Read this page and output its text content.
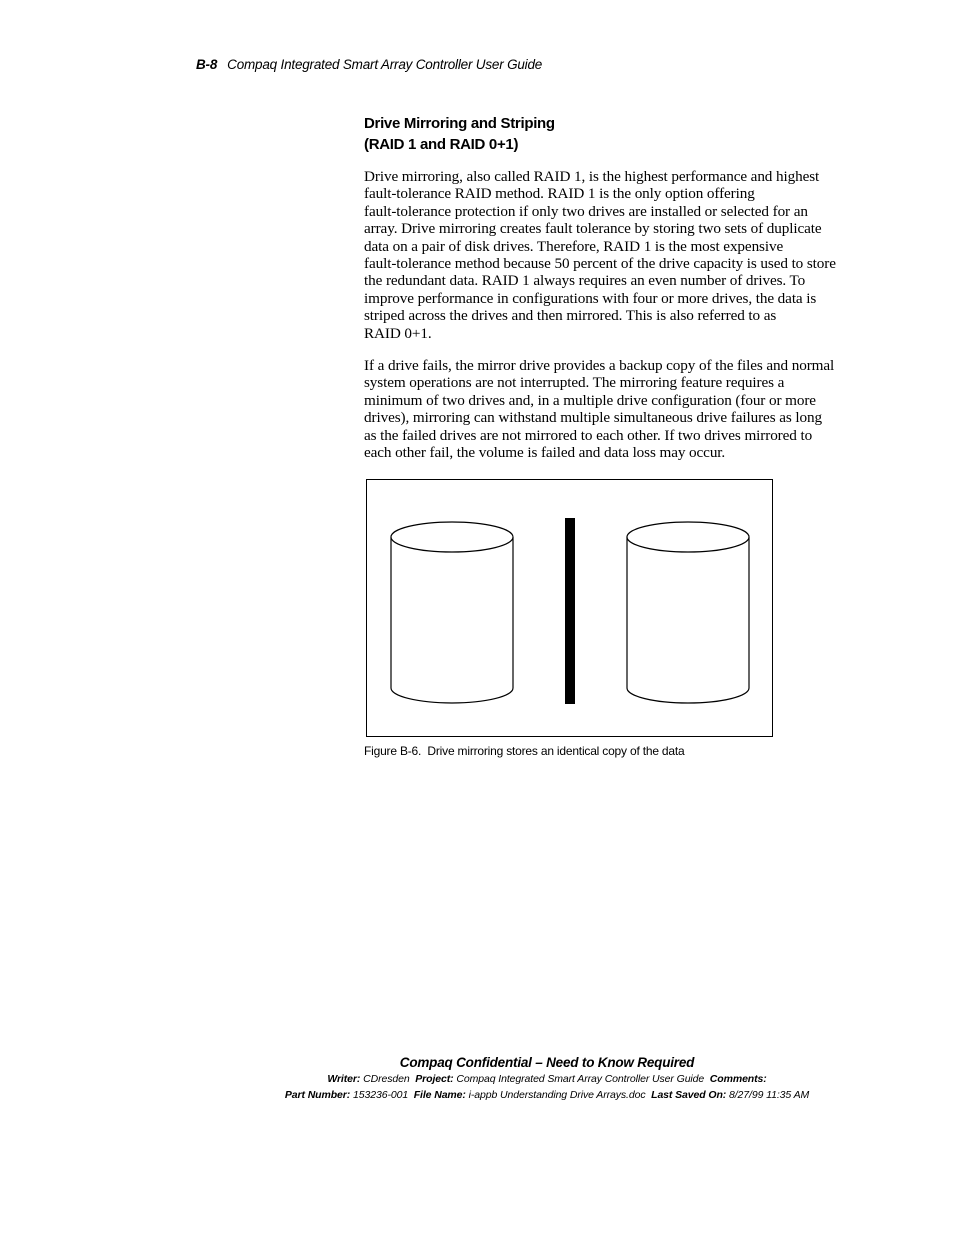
B-8 Compaq Integrated Smart Array Controller User Guide
Drive Mirroring and Striping
(RAID 1 and RAID 0+1)
Drive mirroring, also called RAID 1, is the highest performance and highest
fault-tolerance RAID method. RAID 1 is the only option offering
fault-tolerance protection if only two drives are installed or selected for an
array. Drive mirroring creates fault tolerance by storing two sets of duplicate
data on a pair of disk drives. Therefore, RAID 1 is the most expensive
fault-tolerance method because 50 percent of the drive capacity is used to store
the redundant data. RAID 1 always requires an even number of drives. To
improve performance in configurations with four or more drives, the data is
striped across the drives and then mirrored. This is also referred to as
RAID 0+1.
If a drive fails, the mirror drive provides a backup copy of the files and normal
system operations are not interrupted. The mirroring feature requires a
minimum of two drives and, in a multiple drive configuration (four or more
drives), mirroring can withstand multiple simultaneous drive failures as long
as the failed drives are not mirrored to each other. If two drives mirrored to
each other fail, the volume is failed and data loss may occur.
Figure B-6.  Drive mirroring stores an identical copy of the data
Compaq Confidential – Need to Know Required
Writer: CDresden Project: Compaq Integrated Smart Array Controller User Guide Comments:
Part Number: 153236-001 File Name: i-appb Understanding Drive Arrays.doc Last Saved On: 8/27/99 11:35 AM
